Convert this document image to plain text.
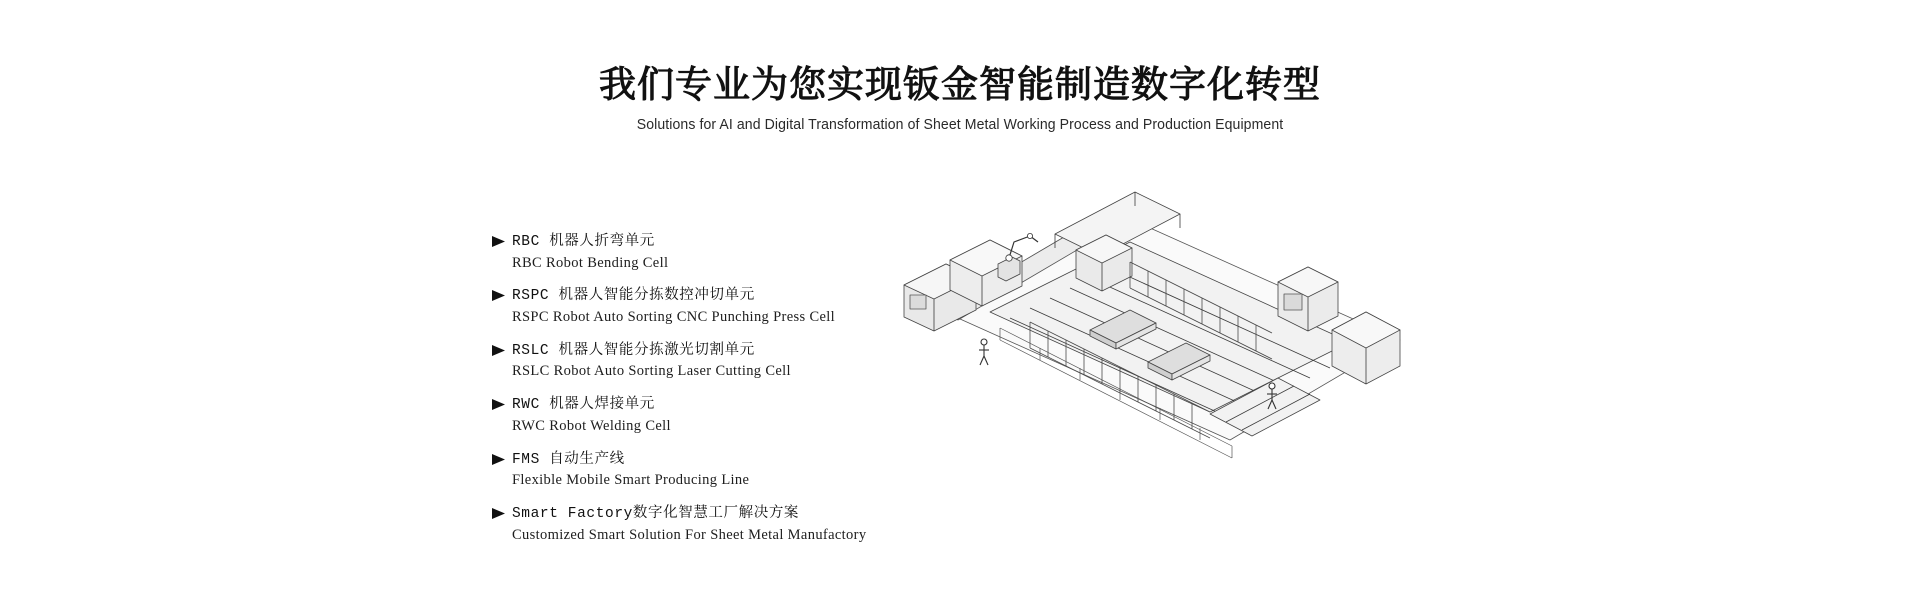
我们专业为您实现钣金智能制造数字化转型
Solutions for AI and Digital Transformation of Sheet Metal Working Process and Production Equipment
RBC 机器人折弯单元
RBC Robot Bending Cell
RSPC 机器人智能分拣数控冲切单元
RSPC Robot Auto Sorting CNC Punching Press Cell
RSLC 机器人智能分拣激光切割单元
RSLC Robot Auto Sorting Laser Cutting Cell
RWC 机器人焊接单元
RWC Robot Welding Cell
FMS 自动生产线
Flexible Mobile Smart Producing Line
Smart Factory数字化智慧工厂解决方案
Customized Smart Solution For Sheet Metal Manufactory
